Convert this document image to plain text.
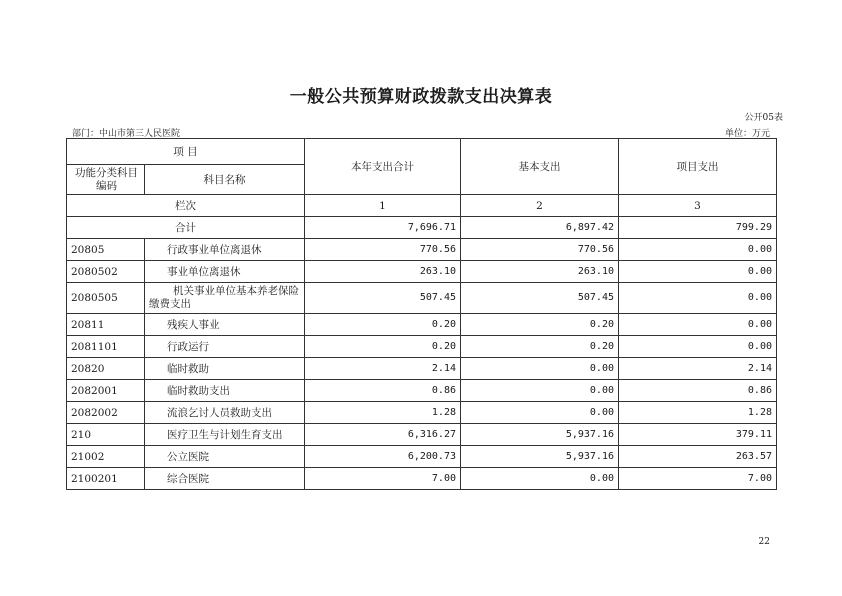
一般公共预算财政拨款支出决算表
公开05表
部门：中山市第三人民医院	单位：万元
项 目		本年支出合计	基本支出	项目支出
功能分类科目编码	科目名称			
栏次		1	2	3
合计		7,696.71	6,897.42	799.29
20805	行政事业单位离退休	770.56	770.56	0.00
2080502	事业单位离退休	263.10	263.10	0.00
2080505	机关事业单位基本养老保险缴费支出	507.45	507.45	0.00
20811	残疾人事业	0.20	0.20	0.00
2081101	行政运行	0.20	0.20	0.00
20820	临时救助	2.14	0.00	2.14
2082001	临时救助支出	0.86	0.00	0.86
2082002	流浪乞讨人员救助支出	1.28	0.00	1.28
210	医疗卫生与计划生育支出	6,316.27	5,937.16	379.11
21002	公立医院	6,200.73	5,937.16	263.57
2100201	综合医院	7.00	0.00	7.00
22
